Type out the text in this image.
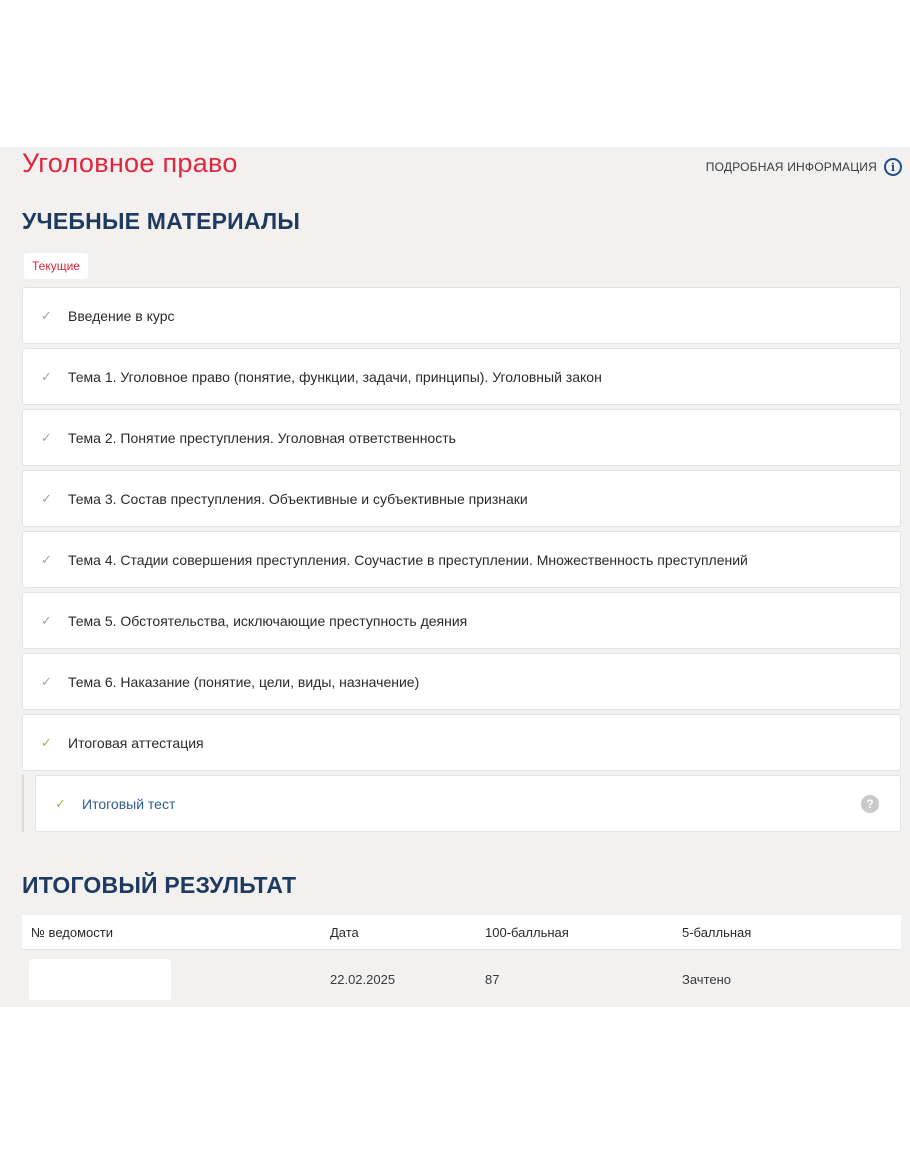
Уголовное право	ПОДРОБНАЯ ИНФОРМАЦИЯ	i
УЧЕБНЫЕ МАТЕРИАЛЫ
Текущие
✓ Введение в курс
✓ Тема 1. Уголовное право (понятие, функции, задачи, принципы). Уголовный закон
✓ Тема 2. Понятие преступления. Уголовная ответственность
✓ Тема 3. Состав преступления. Объективные и субъективные признаки
✓ Тема 4. Стадии совершения преступления. Соучастие в преступлении. Множественность преступлений
✓ Тема 5. Обстоятельства, исключающие преступность деяния
✓ Тема 6. Наказание (понятие, цели, виды, назначение)
✓ Итоговая аттестация
✓ Итоговый тест	?
ИТОГОВЫЙ РЕЗУЛЬТАТ
№ ведомости	Дата	100-балльная	5-балльная

	22.02.2025	87	Зачтено
